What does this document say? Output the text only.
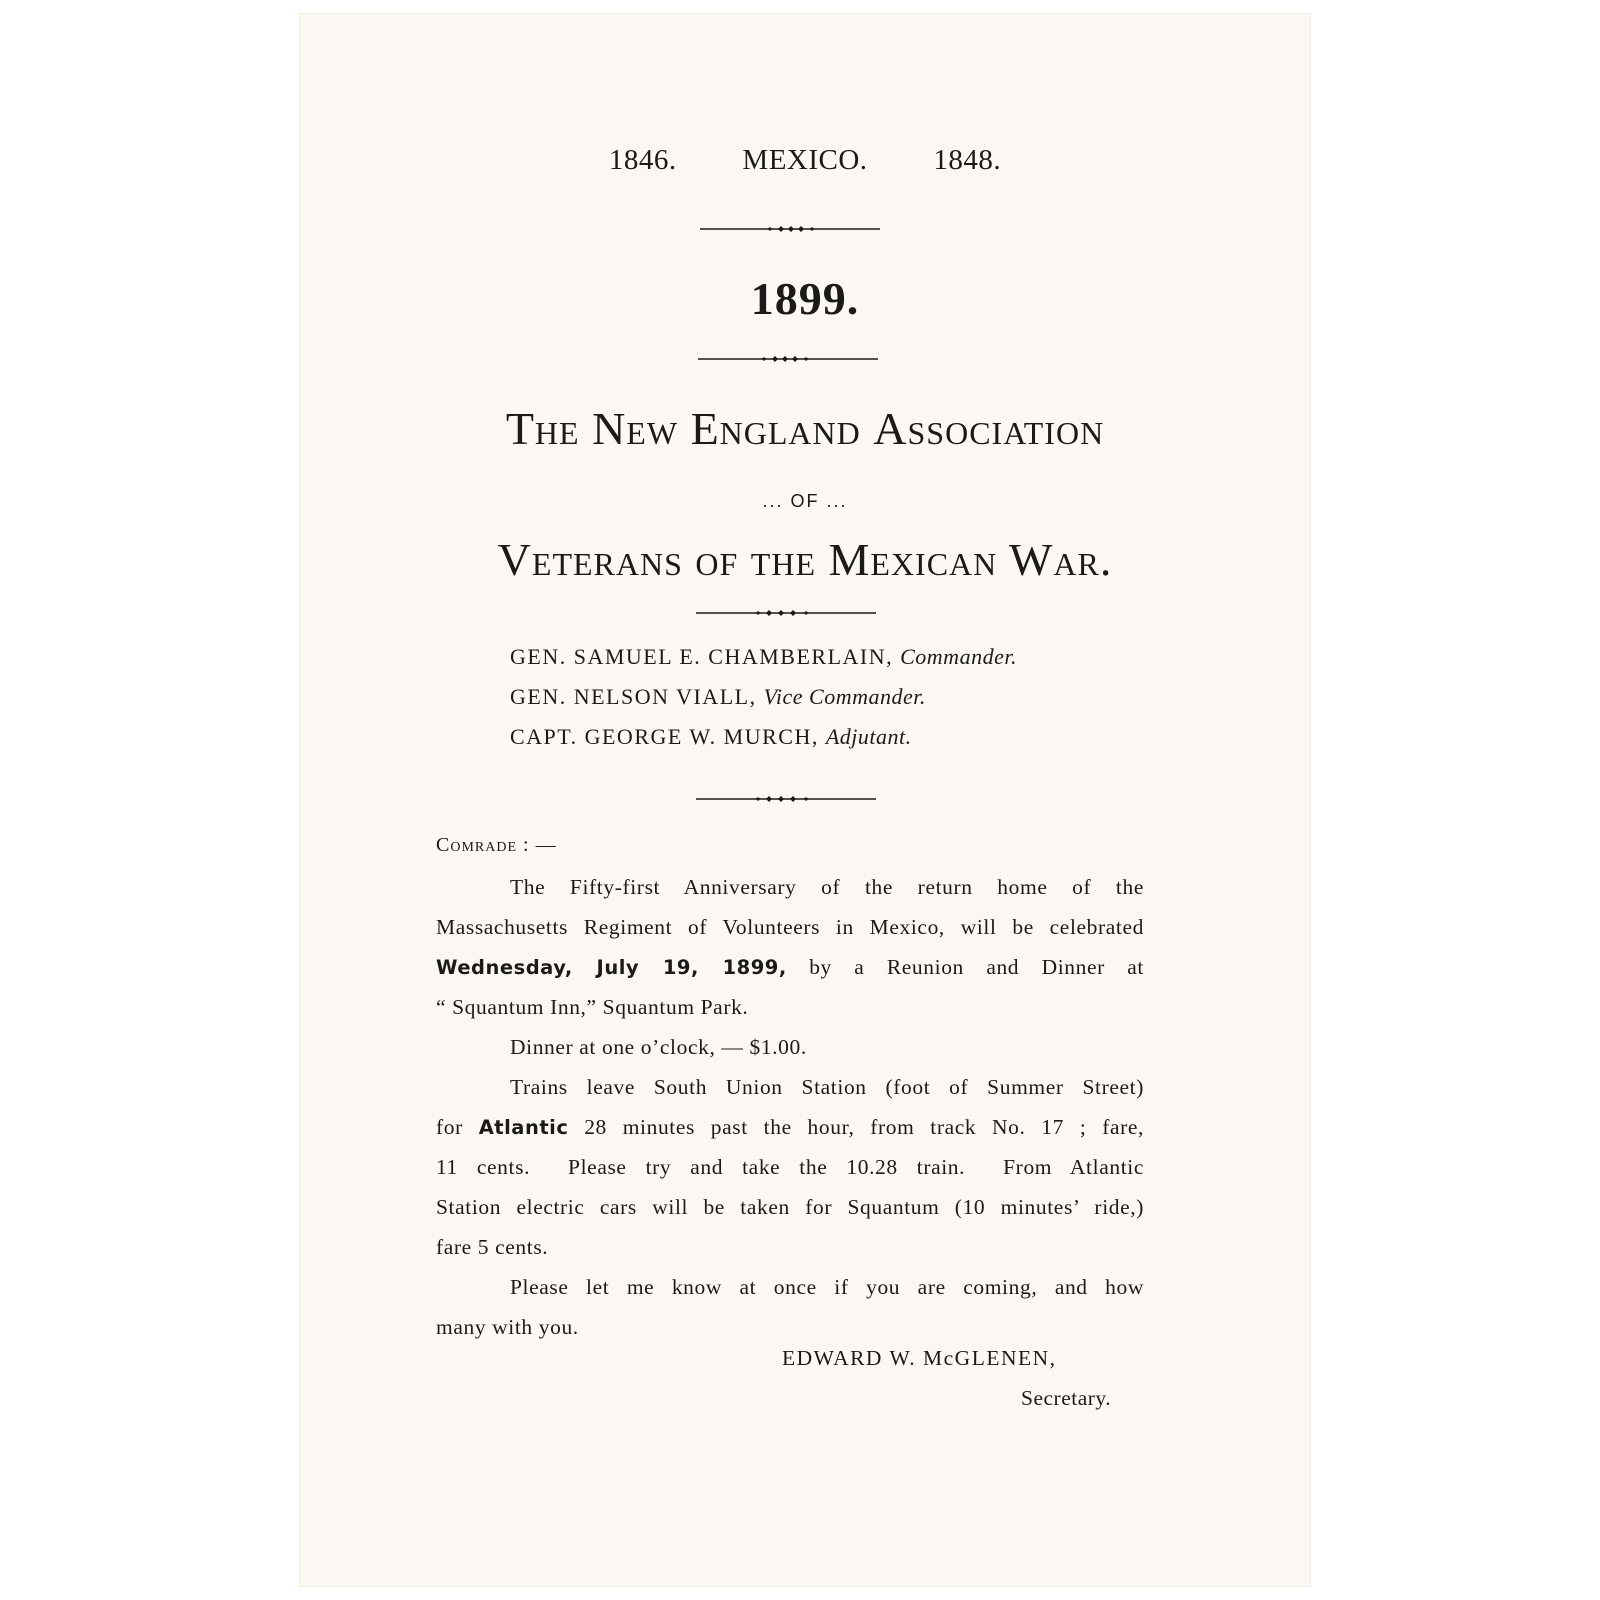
1846. MEXICO. 1848.
1899.
The New England Association
... OF ...
Veterans of the Mexican War.
GEN. SAMUEL E. CHAMBERLAIN, Commander.
GEN. NELSON VIALL, Vice Commander.
CAPT. GEORGE W. MURCH, Adjutant.
Comrade : —
The Fifty-first Anniversary of the return home of the
Massachusetts Regiment of Volunteers in Mexico, will be celebrated
Wednesday, July 19, 1899, by a Reunion and Dinner at
“ Squantum Inn,” Squantum Park.
Dinner at one o’clock, — $1.00.
Trains leave South Union Station (foot of Summer Street)
for Atlantic 28 minutes past the hour, from track No. 17 ; fare,
11 cents.  Please try and take the 10.28 train.  From Atlantic
Station electric cars will be taken for Squantum (10 minutes’ ride,)
fare 5 cents.
Please let me know at once if you are coming, and how
many with you.
EDWARD W. McGLENEN,
Secretary.
